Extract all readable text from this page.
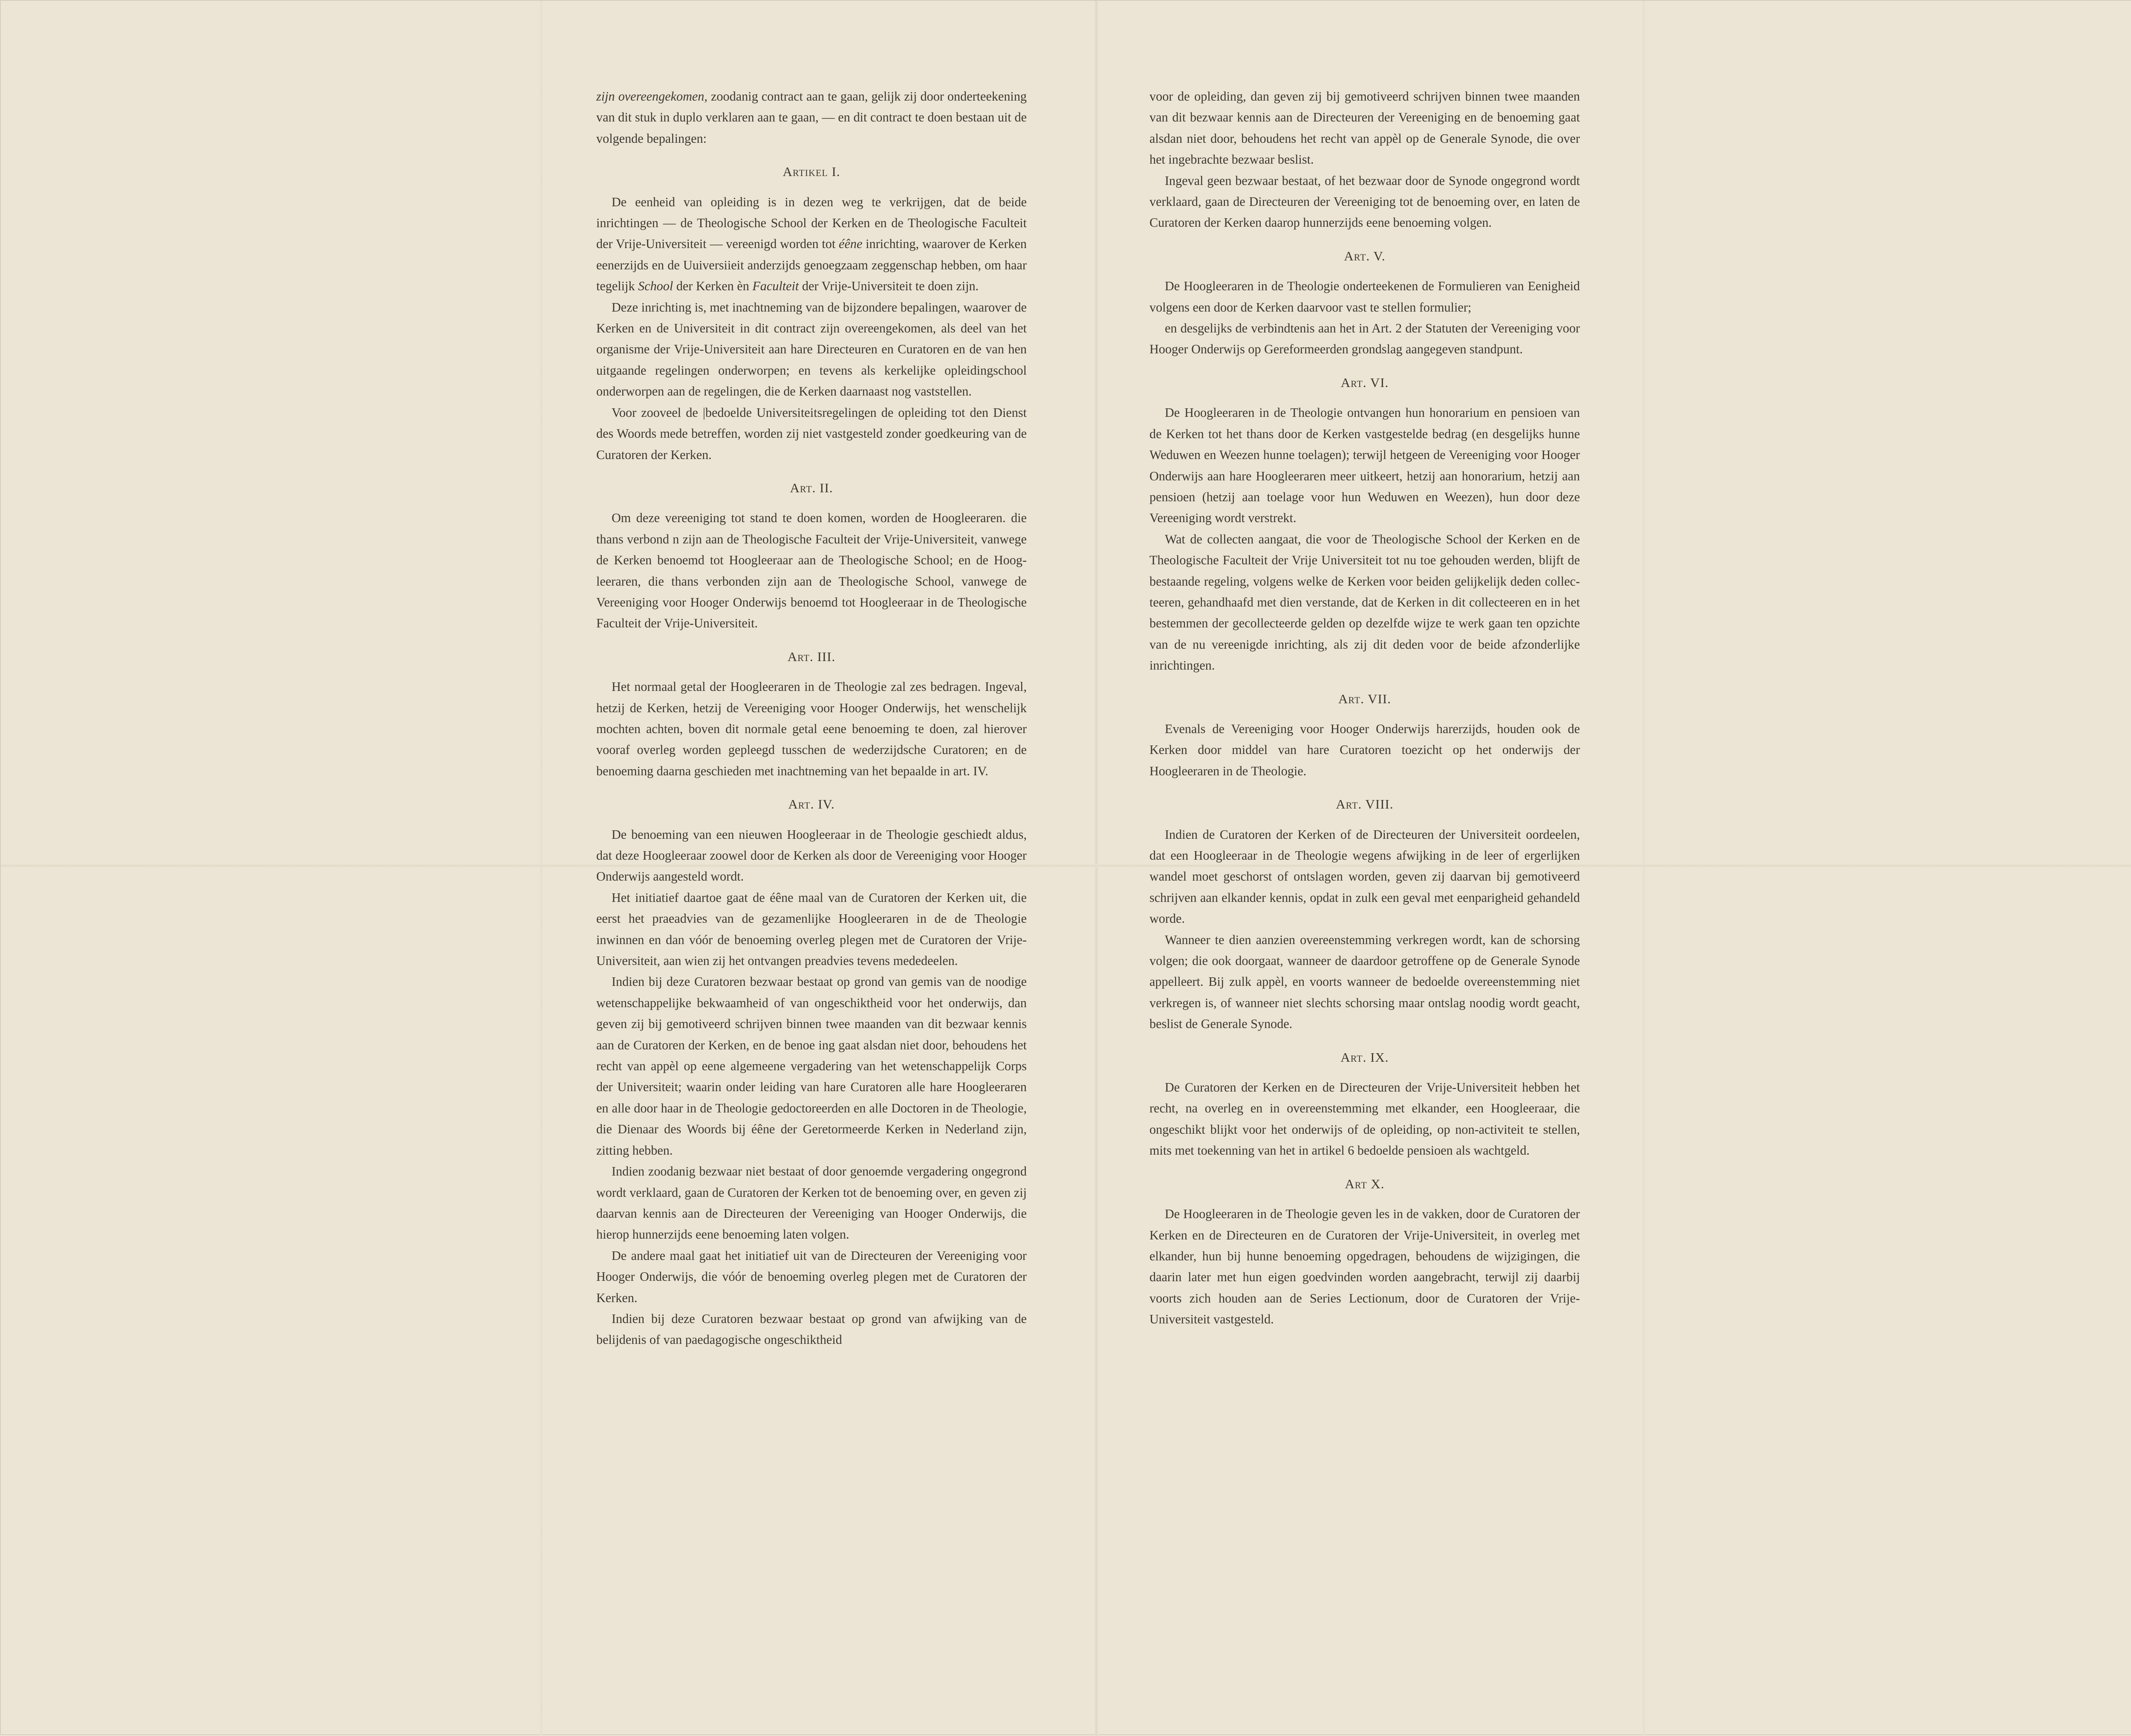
zijn overeengekomen, zoodanig contract aan te gaan, gelijk zij door onderteekening van dit stuk in duplo verklaren aan te gaan, — en dit contract te doen bestaan uit de volgende bepalingen:

Artikel I.

De eenheid van opleiding is in dezen weg te verkrijgen, dat de beide inrichtingen — de Theologische School der Kerken en de Theologische Faculteit der Vrije-Universiteit — vereenigd worden tot éêne inrichting, waarover de Kerken eenerzijds en de Uuiversiieit anderzijds genoegzaam zeggenschap hebben, om haar tegelijk School der Kerken èn Faculteit der Vrije-Universiteit te doen zijn.

Deze inrichting is, met inachtneming van de bijzondere bepalingen, waarover de Kerken en de Universiteit in dit contract zijn overeengekomen, als deel van het organisme der Vrije-Universiteit aan hare Directeuren en Curatoren en de van hen uitgaande regelingen onderworpen; en tevens als kerkelijke opleidingschool onderworpen aan de regelingen, die de Kerken daarnaast nog vaststellen.

Voor zooveel de |bedoelde Universiteitsregelingen de opleiding tot den Dienst des Woords mede betreffen, worden zij niet vastgesteld zonder goedkeuring van de Curatoren der Kerken.

Art. II.

Om deze vereeniging tot stand te doen komen, worden de Hoogleeraren. die thans verbond n zijn aan de Theologische Faculteit der Vrije-Universiteit, vanwege de Kerken benoemd tot Hoogleeraar aan de Theologische School; en de Hoogleeraren, die thans verbonden zijn aan de Theologische School, vanwege de Vereeniging voor Hooger Onderwijs benoemd tot Hoogleeraar in de Theologische Faculteit der Vrije-Universiteit.

Art. III.

Het normaal getal der Hoogleeraren in de Theologie zal zes bedragen. Ingeval, hetzij de Kerken, hetzij de Vereeniging voor Hooger Onderwijs, het wenschelijk mochten achten, boven dit normale getal eene benoeming te doen, zal hierover vooraf overleg worden gepleegd tusschen de wederzijdsche Curatoren; en de benoeming daarna geschieden met inachtneming van het bepaalde in art. IV.

Art. IV.

De benoeming van een nieuwen Hoogleeraar in de Theologie geschiedt aldus, dat deze Hoogleeraar zoowel door de Kerken als door de Vereeniging voor Hooger Onderwijs aangesteld wordt.

Het initiatief daartoe gaat de éêne maal van de Curatoren der Kerken uit, die eerst het praeadvies van de gezamenlijke Hoogleeraren in de de Theologie inwinnen en dan vóór de benoeming overleg plegen met de Curatoren der Vrije-Universiteit, aan wien zij het ontvangen preadvies tevens mededeelen.

Indien bij deze Curatoren bezwaar bestaat op grond van gemis van de noodige wetenschappelijke bekwaamheid of van ongeschiktheid voor het onderwijs, dan geven zij bij gemotiveerd schrijven binnen twee maanden van dit bezwaar kennis aan de Curatoren der Kerken, en de benoe ing gaat alsdan niet door, behoudens het recht van appèl op eene algemeene vergadering van het wetenschappelijk Corps der Universiteit; waarin onder leiding van hare Curatoren alle hare Hoogleeraren en alle door haar in de Theologie gedoctoreerden en alle Doctoren in de Theologie, die Dienaar des Woords bij éêne der Geretormeerde Kerken in Nederland zijn, zitting hebben.

Indien zoodanig bezwaar niet bestaat of door genoemde vergadering ongegrond wordt verklaard, gaan de Curatoren der Kerken tot de benoeming over, en geven zij daarvan kennis aan de Directeuren der Vereeniging van Hooger Onderwijs, die hierop hunnerzijds eene benoeming laten volgen.

De andere maal gaat het initiatief uit van de Directeuren der Vereeniging voor Hooger Onderwijs, die vóór de benoeming overleg plegen met de Curatoren der Kerken.

Indien bij deze Curatoren bezwaar bestaat op grond van afwijking van de belijdenis of van paedagogische ongeschiktheid

voor de opleiding, dan geven zij bij gemotiveerd schrijven binnen twee maanden van dit bezwaar kennis aan de Directeuren der Vereeniging en de benoeming gaat alsdan niet door, behoudens het recht van appèl op de Generale Synode, die over het ingebrachte bezwaar beslist.

Ingeval geen bezwaar bestaat, of het bezwaar door de Synode ongegrond wordt verklaard, gaan de Directeuren der Vereeniging tot de benoeming over, en laten de Curatoren der Kerken daarop hunnerzijds eene benoeming volgen.

Art. V.

De Hoogleeraren in de Theologie onderteekenen de Formulieren van Eenigheid volgens een door de Kerken daarvoor vast te stellen formulier;

en desgelijks de verbindtenis aan het in Art. 2 der Statuten der Vereeniging voor Hooger Onderwijs op Gereformeerden grondslag aangegeven standpunt.

Art. VI.

De Hoogleeraren in de Theologie ontvangen hun honorarium en pensioen van de Kerken tot het thans door de Kerken vastgestelde bedrag (en desgelijks hunne Weduwen en Weezen hunne toelagen); terwijl hetgeen de Vereeniging voor Hooger Onderwijs aan hare Hoogleeraren meer uitkeert, hetzij aan honorarium, hetzij aan pensioen (hetzij aan toelage voor hun Weduwen en Weezen), hun door deze Vereeniging wordt verstrekt.

Wat de collecten aangaat, die voor de Theologische School der Kerken en de Theologische Faculteit der Vrije Universiteit tot nu toe gehouden werden, blijft de bestaande regeling, volgens welke de Kerken voor beiden gelijkelijk deden collecteeren, gehandhaafd met dien verstande, dat de Kerken in dit collecteeren en in het bestemmen der gecollecteerde gelden op dezelfde wijze te werk gaan ten opzichte van de nu vereenigde inrichting, als zij dit deden voor de beide afzonderlijke inrichtingen.

Art. VII.

Evenals de Vereeniging voor Hooger Onderwijs harerzijds, houden ook de Kerken door middel van hare Curatoren toezicht op het onderwijs der Hoogleeraren in de Theologie.

Art. VIII.

Indien de Curatoren der Kerken of de Directeuren der Universiteit oordeelen, dat een Hoogleeraar in de Theologie wegens afwijking in de leer of ergerlijken wandel moet geschorst of ontslagen worden, geven zij daarvan bij gemotiveerd schrijven aan elkander kennis, opdat in zulk een geval met eenparigheid gehandeld worde.

Wanneer te dien aanzien overeenstemming verkregen wordt, kan de schorsing volgen; die ook doorgaat, wanneer de daardoor getroffene op de Generale Synode appelleert. Bij zulk appèl, en voorts wanneer de bedoelde overeenstemming niet verkregen is, of wanneer niet slechts schorsing maar ontslag noodig wordt geacht, beslist de Generale Synode.

Art. IX.

De Curatoren der Kerken en de Directeuren der Vrije-Universiteit hebben het recht, na overleg en in overeenstemming met elkander, een Hoogleeraar, die ongeschikt blijkt voor het onderwijs of de opleiding, op non-activiteit te stellen, mits met toekenning van het in artikel 6 bedoelde pensioen als wachtgeld.

Art X.

De Hoogleeraren in de Theologie geven les in de vakken, door de Curatoren der Kerken en de Directeuren en de Curatoren der Vrije-Universiteit, in overleg met elkander, hun bij hunne benoeming opgedragen, behoudens de wijzigingen, die daarin later met hun eigen goedvinden worden aangebracht, terwijl zij daarbij voorts zich houden aan de Series Lectionum, door de Curatoren der Vrije-Universiteit vastgesteld.
